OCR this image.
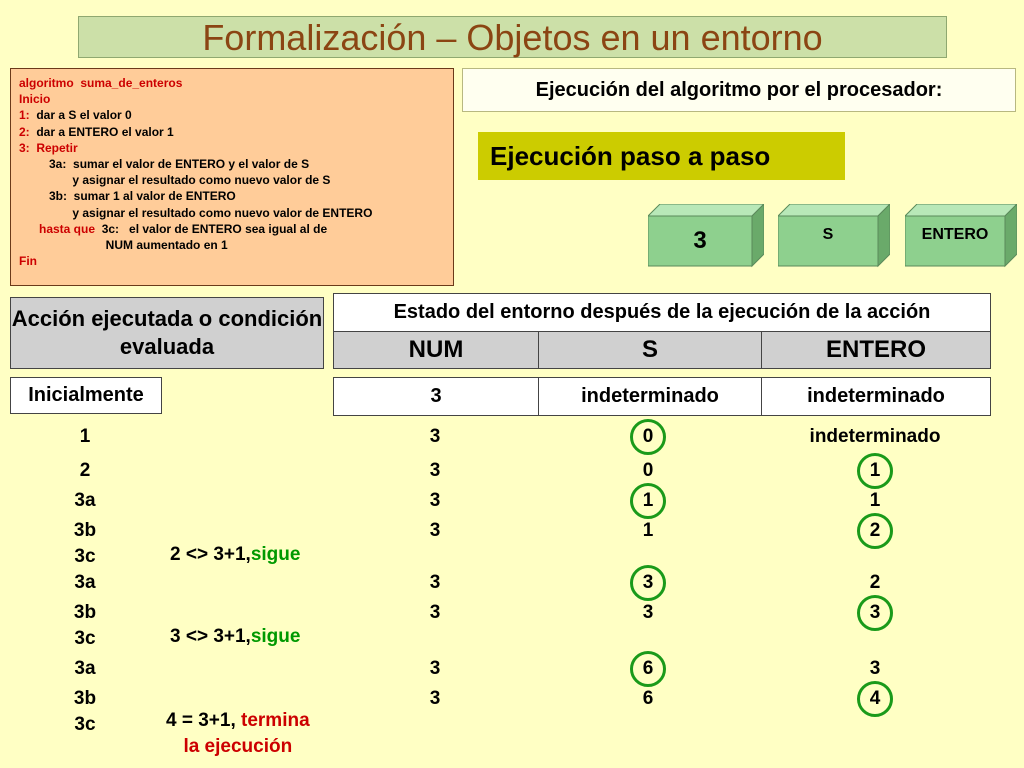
Formalización – Objetos en un entorno
algoritmo  suma_de_enteros
Inicio
1:  dar a S el valor 0
2:  dar a ENTERO el valor 1
3:  Repetir
3a:  sumar el valor de ENTERO y el valor de S
y asignar el resultado como nuevo valor de S
3b:  sumar 1 al valor de ENTERO
y asignar el resultado como nuevo valor de ENTERO
hasta que  3c:   el valor de ENTERO sea igual al de
NUM aumentado en 1
Fin
Ejecución del algoritmo por el procesador:
Ejecución paso a paso
3	S	ENTERO
Acción ejecutada o condición evaluada
Inicialmente
Estado del entorno después de la ejecución de la acción
NUM	S	ENTERO
3	indeterminado	indeterminado
1	3	0	indeterminado
2	3	0	1
3a	3	1	1
3b	3	1	2
3c	2 <> 3+1,sigue
3a	3	3	2
3b	3	3	3
3c	3 <> 3+1,sigue
3a	3	6	3
3b	3	6	4
3c	4 = 3+1, termina
la ejecución
